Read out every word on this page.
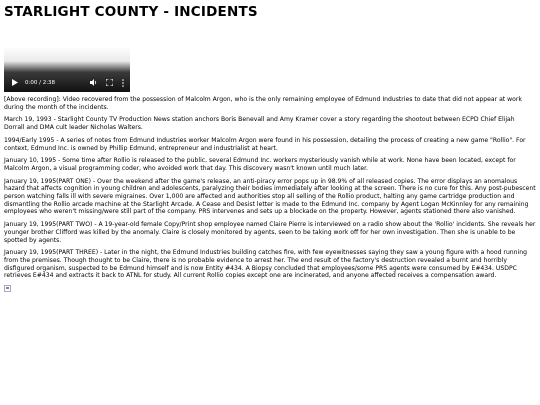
STARLIGHT COUNTY - INCIDENTS
0:00 / 2:38

[Above recording]: Video recovered from the possession of Malcolm Argon, who is the only remaining employee of Edmund Industries to date that did not appear at work during the month of the incidents.

March 19, 1993 - Starlight County TV Production News station anchors Boris Benevall and Amy Kramer cover a story regarding the shootout between ECPD Chief Elijah Dorrall and DMA cult leader Nicholas Walters.

1994/Early 1995 - A series of notes from Edmund Industries worker Malcolm Argon were found in his possession, detailing the process of creating a new game "Rollio". For context, Edmund Inc. is owned by Phillip Edmund, entrepreneur and industrialist at heart.

January 10, 1995 - Some time after Rollio is released to the public, several Edmund Inc. workers mysteriously vanish while at work. None have been located, except for Malcolm Argon, a visual programming coder, who avoided work that day. This discovery wasn't known until much later.

January 19, 1995(PART ONE) - Over the weekend after the game's release, an anti-piracy error pops up in 98.9% of all released copies. The error displays an anomalous hazard that affects cognition in young children and adolescents, paralyzing their bodies immediately after looking at the screen. There is no cure for this. Any post-pubescent person watching falls ill with severe migraines. Over 1,000 are affected and authorities stop all selling of the Rollio product, halting any game cartridge production and dismantling the Rollio arcade machine at the Starlight Arcade. A Cease and Desist letter is made to the Edmund Inc. company by Agent Logan McKinnley for any remaining employees who weren't missing/were still part of the company. PRS intervenes and sets up a blockade on the property. However, agents stationed there also vanished.

January 19, 1995(PART TWO) - A 19-year-old female Copy/Print shop employee named Claire Pierre is interviewed on a radio show about the 'Rollio' incidents. She reveals her younger brother Clifford was killed by the anomaly. Claire is closely monitored by agents, seen to be taking work off for her own investigation. Then she is unable to be spotted by agents.

January 19, 1995(PART THREE) - Later in the night, the Edmund Industries building catches fire, with few eyewitnesses saying they saw a young figure with a hood running from the premises. Though thought to be Claire, there is no probable evidence to arrest her. The end result of the factory's destruction revealed a burnt and horribly disfigured organism, suspected to be Edmund himself and is now Entity #434. A Biopsy concluded that employees/some PRS agents were consumed by E#434. USDPC retrieves E#434 and extracts it back to ATNL for study. All current Rollio copies except one are incinerated, and anyone affected receives a compensation award.
